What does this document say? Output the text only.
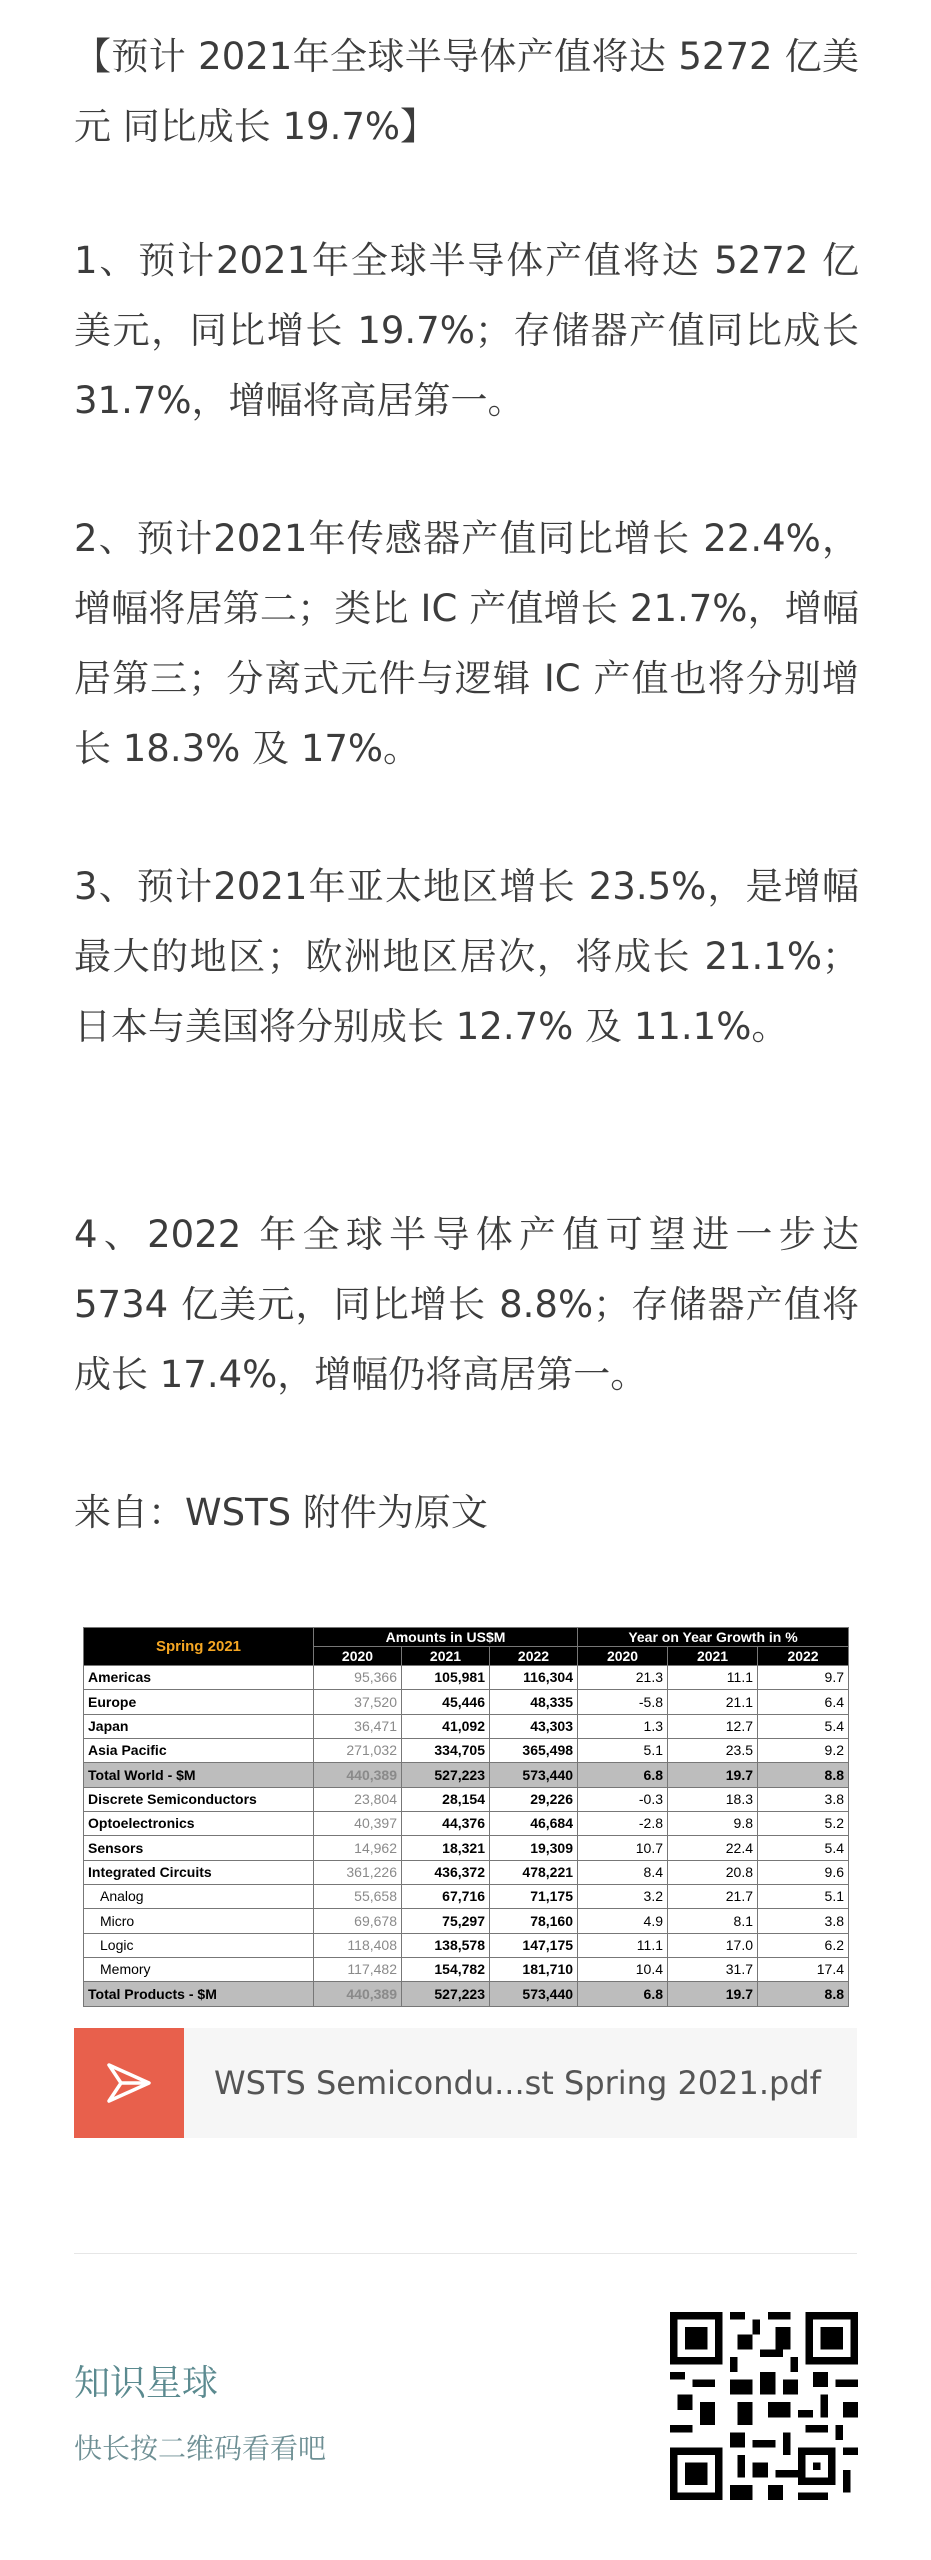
【预计 2021年全球半导体产值将达 5272 亿美元 同比成长 19.7%】

1、预计2021年全球半导体产值将达 5272 亿美元，同比增长 19.7%；存储器产值同比成长 31.7%，增幅将高居第一。

2、预计2021年传感器产值同比增长 22.4%，增幅将居第二；类比 IC 产值增长 21.7%，增幅居第三；分离式元件与逻辑 IC 产值也将分别增长 18.3% 及 17%。

3、预计2021年亚太地区增长 23.5%，是增幅最大的地区；欧洲地区居次，将成长 21.1%；日本与美国将分别成长 12.7% 及 11.1%。

4、2022 年全球半导体产值可望进一步达 5734 亿美元，同比增长 8.8%；存储器产值将成长 17.4%，增幅仍将高居第一。

来自：WSTS 附件为原文

Spring 2021	Amounts in US$M			Year on Year Growth in %		
	2020	2021	2022	2020	2021	2022
Americas	95,366	105,981	116,304	21.3	11.1	9.7
Europe	37,520	45,446	48,335	-5.8	21.1	6.4
Japan	36,471	41,092	43,303	1.3	12.7	5.4
Asia Pacific	271,032	334,705	365,498	5.1	23.5	9.2
Total World - $M	440,389	527,223	573,440	6.8	19.7	8.8
Discrete Semiconductors	23,804	28,154	29,226	-0.3	18.3	3.8
Optoelectronics	40,397	44,376	46,684	-2.8	9.8	5.2
Sensors	14,962	18,321	19,309	10.7	22.4	5.4
Integrated Circuits	361,226	436,372	478,221	8.4	20.8	9.6
Analog	55,658	67,716	71,175	3.2	21.7	5.1
Micro	69,678	75,297	78,160	4.9	8.1	3.8
Logic	118,408	138,578	147,175	11.1	17.0	6.2
Memory	117,482	154,782	181,710	10.4	31.7	17.4
Total Products - $M	440,389	527,223	573,440	6.8	19.7	8.8
WSTS Semicondu...st Spring 2021.pdf
知识星球
快长按二维码看看吧
